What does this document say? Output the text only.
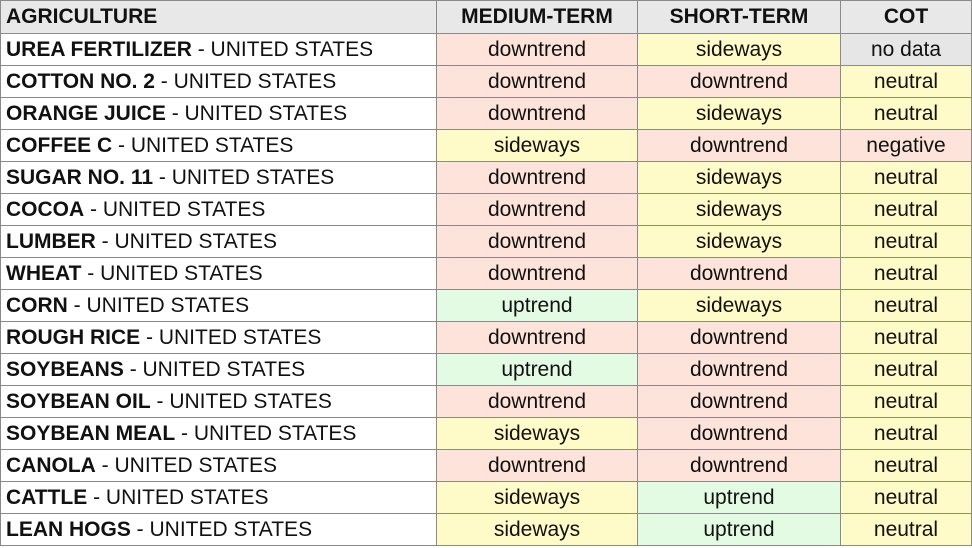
AGRICULTURE	MEDIUM-TERM	SHORT-TERM	COT
UREA FERTILIZER - UNITED STATES	downtrend	sideways	no data
COTTON NO. 2 - UNITED STATES	downtrend	downtrend	neutral
ORANGE JUICE - UNITED STATES	downtrend	sideways	neutral
COFFEE C - UNITED STATES	sideways	downtrend	negative
SUGAR NO. 11 - UNITED STATES	downtrend	sideways	neutral
COCOA - UNITED STATES	downtrend	sideways	neutral
LUMBER - UNITED STATES	downtrend	sideways	neutral
WHEAT - UNITED STATES	downtrend	downtrend	neutral
CORN - UNITED STATES	uptrend	sideways	neutral
ROUGH RICE - UNITED STATES	downtrend	downtrend	neutral
SOYBEANS - UNITED STATES	uptrend	downtrend	neutral
SOYBEAN OIL - UNITED STATES	downtrend	downtrend	neutral
SOYBEAN MEAL - UNITED STATES	sideways	downtrend	neutral
CANOLA - UNITED STATES	downtrend	downtrend	neutral
CATTLE - UNITED STATES	sideways	uptrend	neutral
LEAN HOGS - UNITED STATES	sideways	uptrend	neutral
